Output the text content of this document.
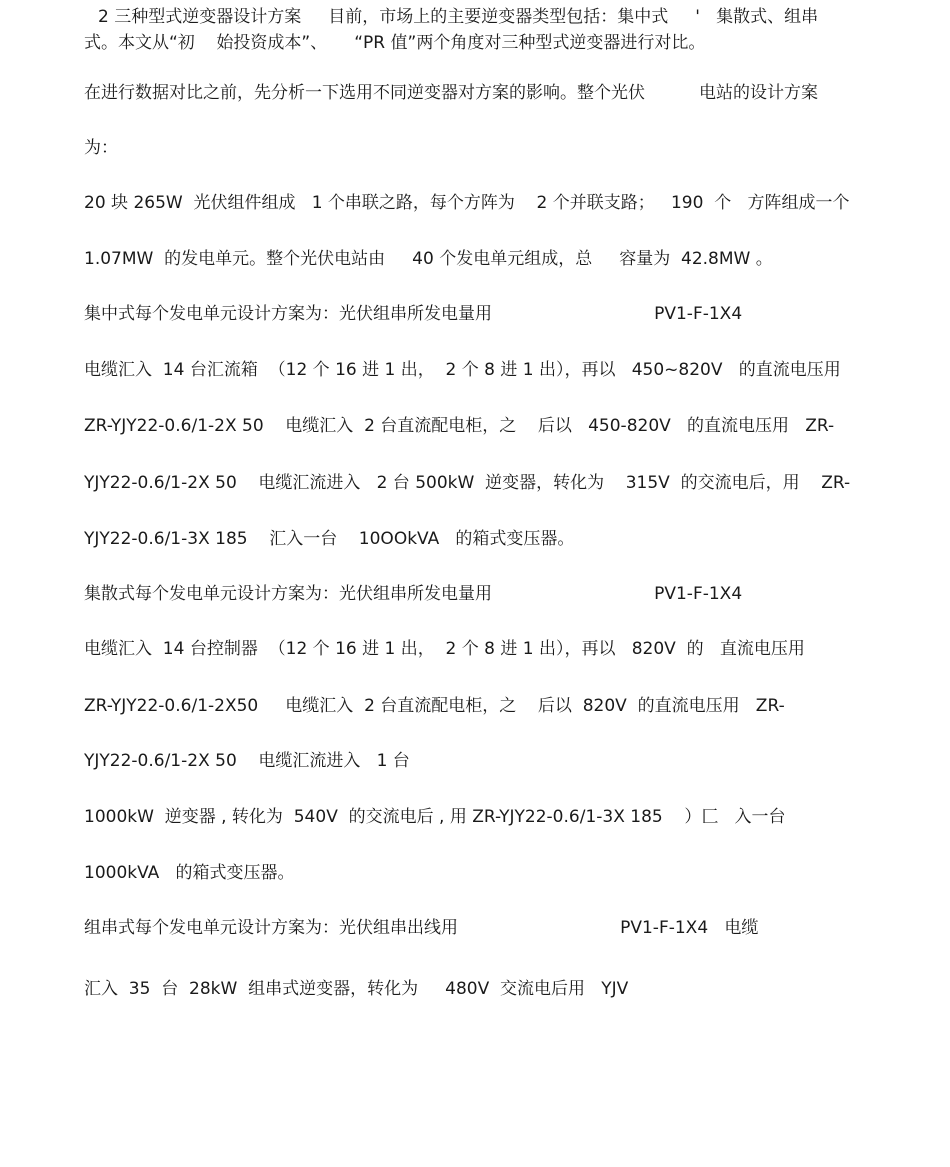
2 三种型式逆变器设计方案     目前，市场上的主要逆变器类型包括：集中式     '   集散式、组串
式。本文从“初    始投资成本”、     “PR 值”两个角度对三种型式逆变器进行对比。
在进行数据对比之前，先分析一下选用不同逆变器对方案的影响。整个光伏          电站的设计方案
为：
20 块 265W  光伏组件组成   1 个串联之路，每个方阵为    2 个并联支路；   190  个   方阵组成一个
1.07MW  的发电单元。整个光伏电站由     40 个发电单元组成，总     容量为  42.8MW 。
集中式每个发电单元设计方案为：光伏组串所发电量用                              PV1-F-1X4
电缆汇入  14 台汇流箱  （12 个 16 进 1 出，  2 个 8 进 1 出），再以   450~820V   的直流电压用
ZR-YJY22-0.6/1-2X 50    电缆汇入  2 台直流配电柜，之    后以   450-820V   的直流电压用   ZR-
YJY22-0.6/1-2X 50    电缆汇流进入   2 台 500kW  逆变器，转化为    315V  的交流电后，用    ZR-
YJY22-0.6/1-3X 185    汇入一台    10OOkVA   的箱式变压器。
集散式每个发电单元设计方案为：光伏组串所发电量用                              PV1-F-1X4
电缆汇入  14 台控制器  （12 个 16 进 1 出，  2 个 8 进 1 出），再以   820V  的   直流电压用
ZR-YJY22-0.6/1-2X50     电缆汇入  2 台直流配电柜，之    后以  820V  的直流电压用   ZR-
YJY22-0.6/1-2X 50    电缆汇流进入   1 台
1000kW  逆变器 , 转化为  540V  的交流电后 , 用 ZR-YJY22-0.6/1-3X 185    ）匚   入一台
1000kVA   的箱式变压器。
组串式每个发电单元设计方案为：光伏组串出线用                              PV1-F-1X4   电缆
汇入  35  台  28kW  组串式逆变器，转化为     480V  交流电后用   YJV
